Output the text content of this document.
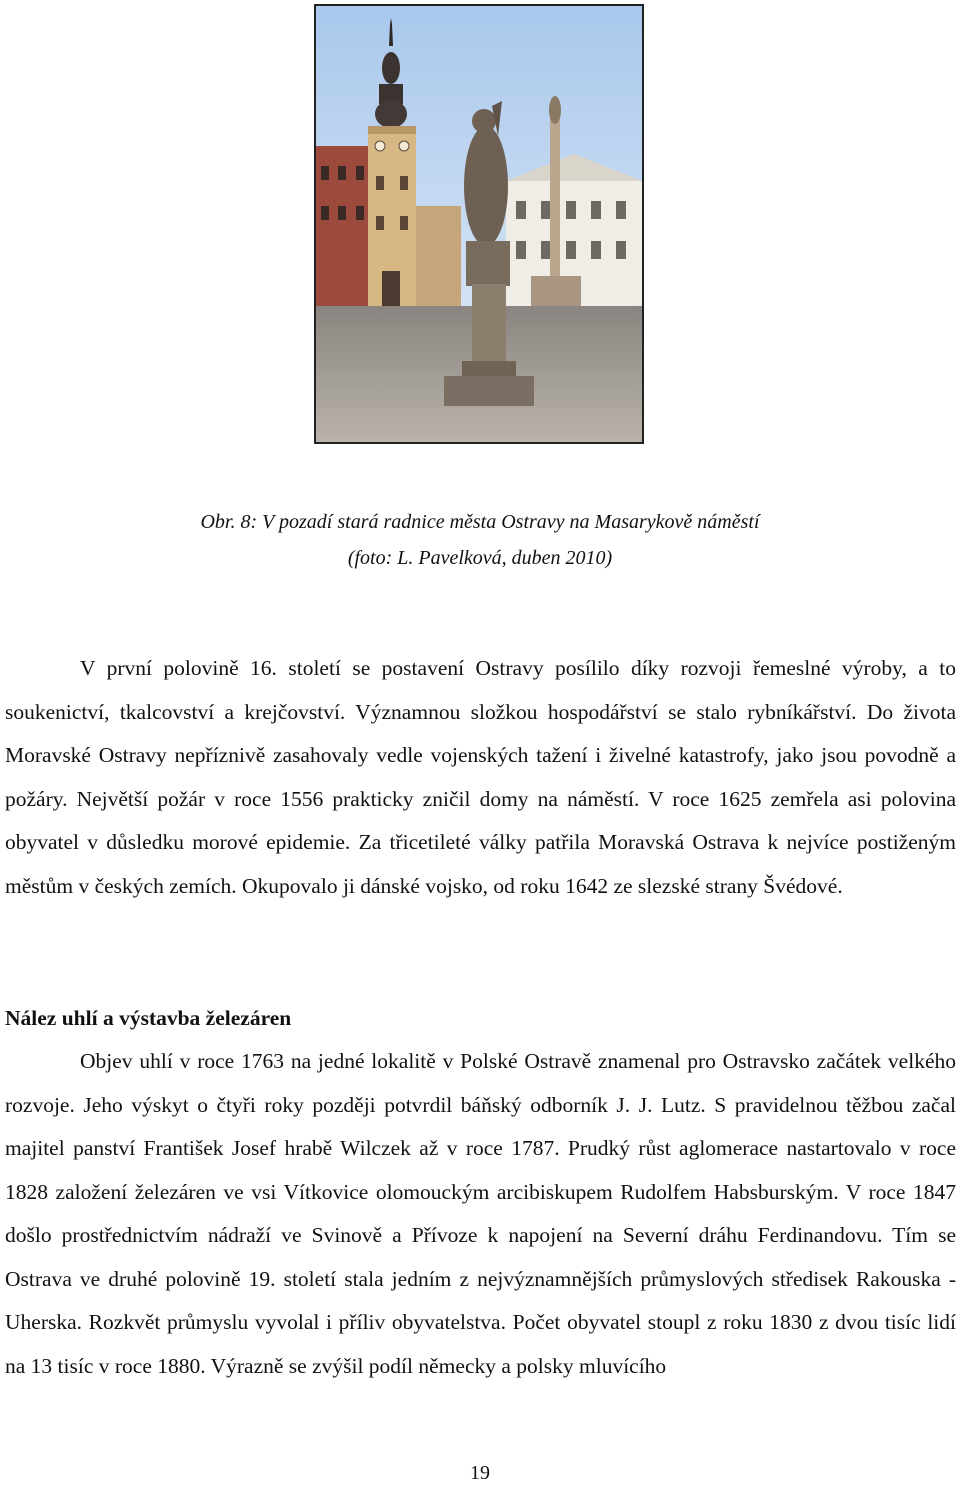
Obr. 8: V pozadí stará radnice města Ostravy na Masarykově náměstí
(foto: L. Pavelková, duben 2010)

V první polovině 16. století se postavení Ostravy posílilo díky rozvoji řemeslné výroby, a to soukenictví, tkalcovství a krejčovství. Významnou složkou hospodářství se stalo rybníkářství. Do života Moravské Ostravy nepříznivě zasahovaly vedle vojenských tažení i živelné katastrofy, jako jsou povodně a požáry. Největší požár v roce 1556 prakticky zničil domy na náměstí. V roce 1625 zemřela asi polovina obyvatel v důsledku morové epidemie. Za třicetileté války patřila Moravská Ostrava k nejvíce postiženým městům v českých zemích. Okupovalo ji dánské vojsko, od roku 1642 ze slezské strany Švédové.

Nález uhlí a výstavba železáren

Objev uhlí v roce 1763 na jedné lokalitě v Polské Ostravě znamenal pro Ostravsko začátek velkého rozvoje. Jeho výskyt o čtyři roky později potvrdil báňský odborník J. J. Lutz. S pravidelnou těžbou začal majitel panství František Josef hrabě Wilczek až v roce 1787. Prudký růst aglomerace nastartovalo v roce 1828 založení železáren ve vsi Vítkovice olomouckým arcibiskupem Rudolfem Habsburským. V roce 1847 došlo prostřednictvím nádraží ve Svinově a Přívoze k napojení na Severní dráhu Ferdinandovu. Tím se Ostrava ve druhé polovině 19. století stala jedním z nejvýznamnějších průmyslových středisek Rakouska - Uherska. Rozkvět průmyslu vyvolal i příliv obyvatelstva. Počet obyvatel stoupl z roku 1830 z dvou tisíc lidí na 13 tisíc v roce 1880. Výrazně se zvýšil podíl německy a polsky mluvícího

19
